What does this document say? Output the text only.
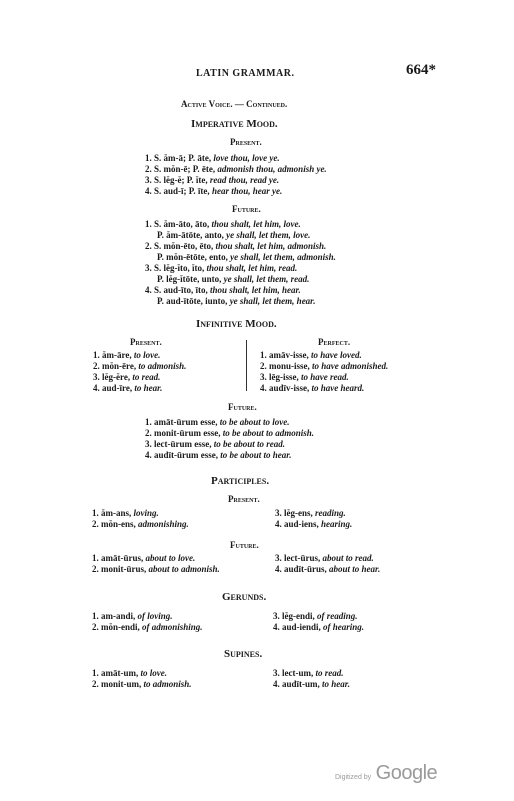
LATIN GRAMMAR.	664*
Active Voice. — Continued.
Imperative Mood.
Present.
1. S. ăm-ā; P. āte, love thou, love ye.
2. S. mŏn-ē; P. ēte, admonish thou, admonish ye.
3. S. lĕg-ĕ; P. ĭte, read thou, read ye.
4. S. aud-ī; P. īte, hear thou, hear ye.
Future.
1. S. ăm-āto, āto, thou shalt, let him, love.
P. ăm-ātōte, anto, ye shall, let them, love.
2. S. mŏn-ēto, ēto, thou shalt, let him, admonish.
P. mŏn-ētōte, ento, ye shall, let them, admonish.
3. S. lĕg-ĭto, ĭto, thou shalt, let him, read.
P. lĕg-ĭtōte, unto, ye shall, let them, read.
4. S. aud-īto, īto, thou shalt, let him, hear.
P. aud-ītōte, iunto, ye shall, let them, hear.
Infinitive Mood.
Present.	Perfect.
1. ăm-āre, to love.
2. mŏn-ēre, to admonish.
3. lĕg-ĕre, to read.
4. aud-īre, to hear.
1. amāv-isse, to have loved.
2. monu-isse, to have admonished.
3. lēg-isse, to have read.
4. audīv-isse, to have heard.
Future.
1. amāt-ūrum esse, to be about to love.
2. monit-ūrum esse, to be about to admonish.
3. lect-ūrum esse, to be about to read.
4. audīt-ūrum esse, to be about to hear.
Participles.
Present.
1. ăm-ans, loving.
2. mŏn-ens, admonishing.
3. lĕg-ens, reading.
4. aud-iens, hearing.
Future.
1. amāt-ūrus, about to love.
2. monit-ūrus, about to admonish.
3. lect-ūrus, about to read.
4. audīt-ūrus, about to hear.
Gerunds.
1. am-andi, of loving.
2. mŏn-endi, of admonishing.
3. lĕg-endi, of reading.
4. aud-iendi, of hearing.
Supines.
1. amāt-um, to love.
2. monit-um, to admonish.
3. lect-um, to read.
4. audīt-um, to hear.
Digitized by Google
